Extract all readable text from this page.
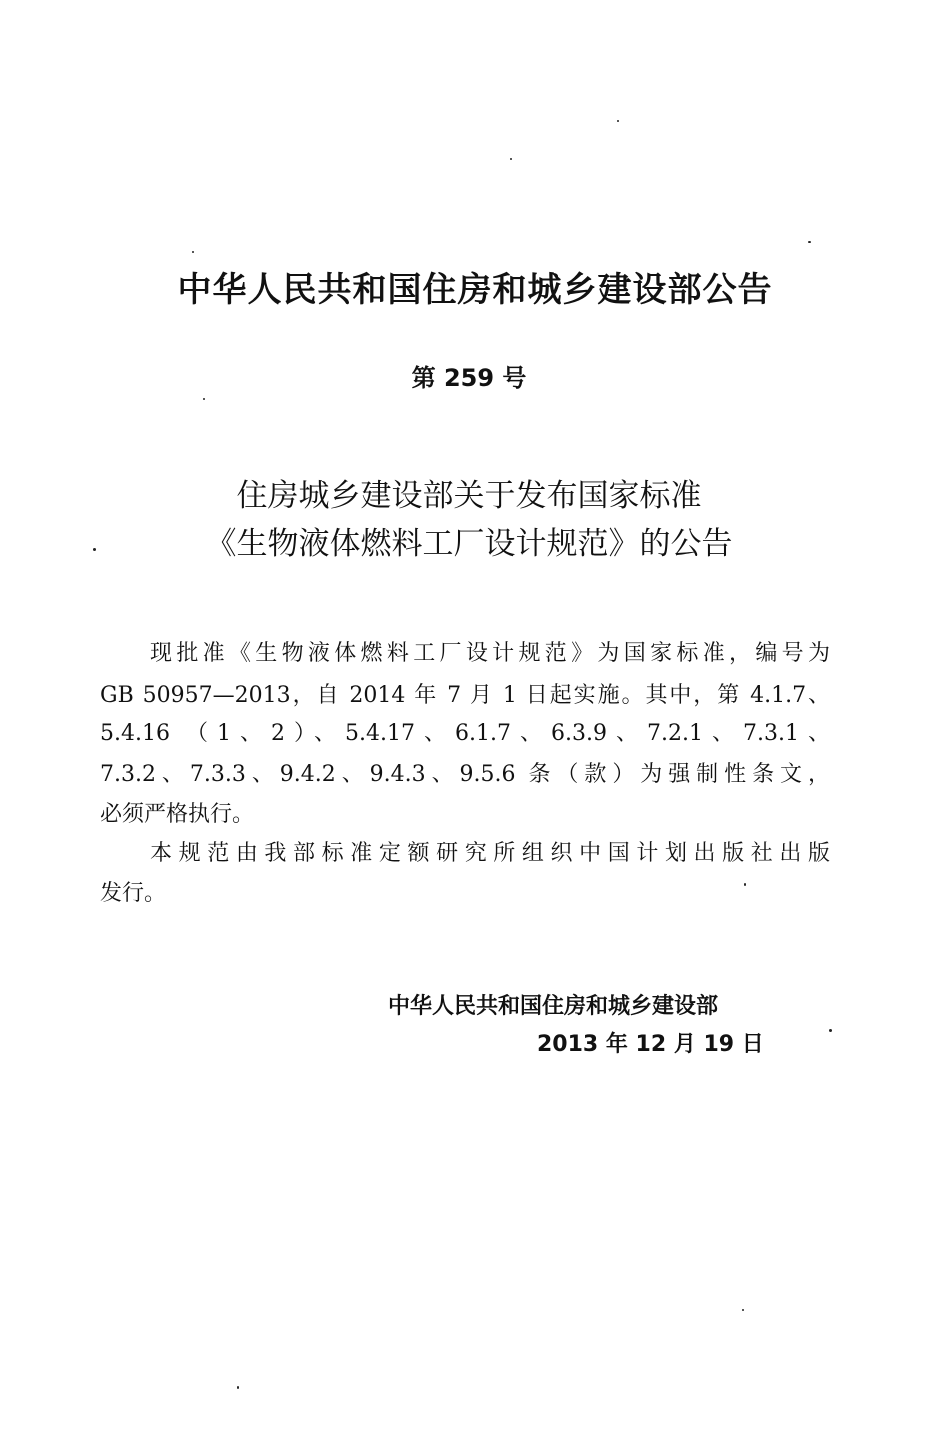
中华人民共和国住房和城乡建设部公告
第 259 号
住房城乡建设部关于发布国家标准
《生物液体燃料工厂设计规范》的公告
现批准《生物液体燃料工厂设计规范》为国家标准，编号为
GB 50957—2013，自 2014 年 7 月 1 日起实施。其中，第 4.1.7、
5.4.16 （1、2）、5.4.17、6.1.7、6.3.9、7.2.1、7.3.1、
7.3.2、7.3.3、9.4.2、9.4.3、9.5.6 条（款）为强制性条文，
必须严格执行。
本规范由我部标准定额研究所组织中国计划出版社出版
发行。
中华人民共和国住房和城乡建设部
2013 年 12 月 19 日
